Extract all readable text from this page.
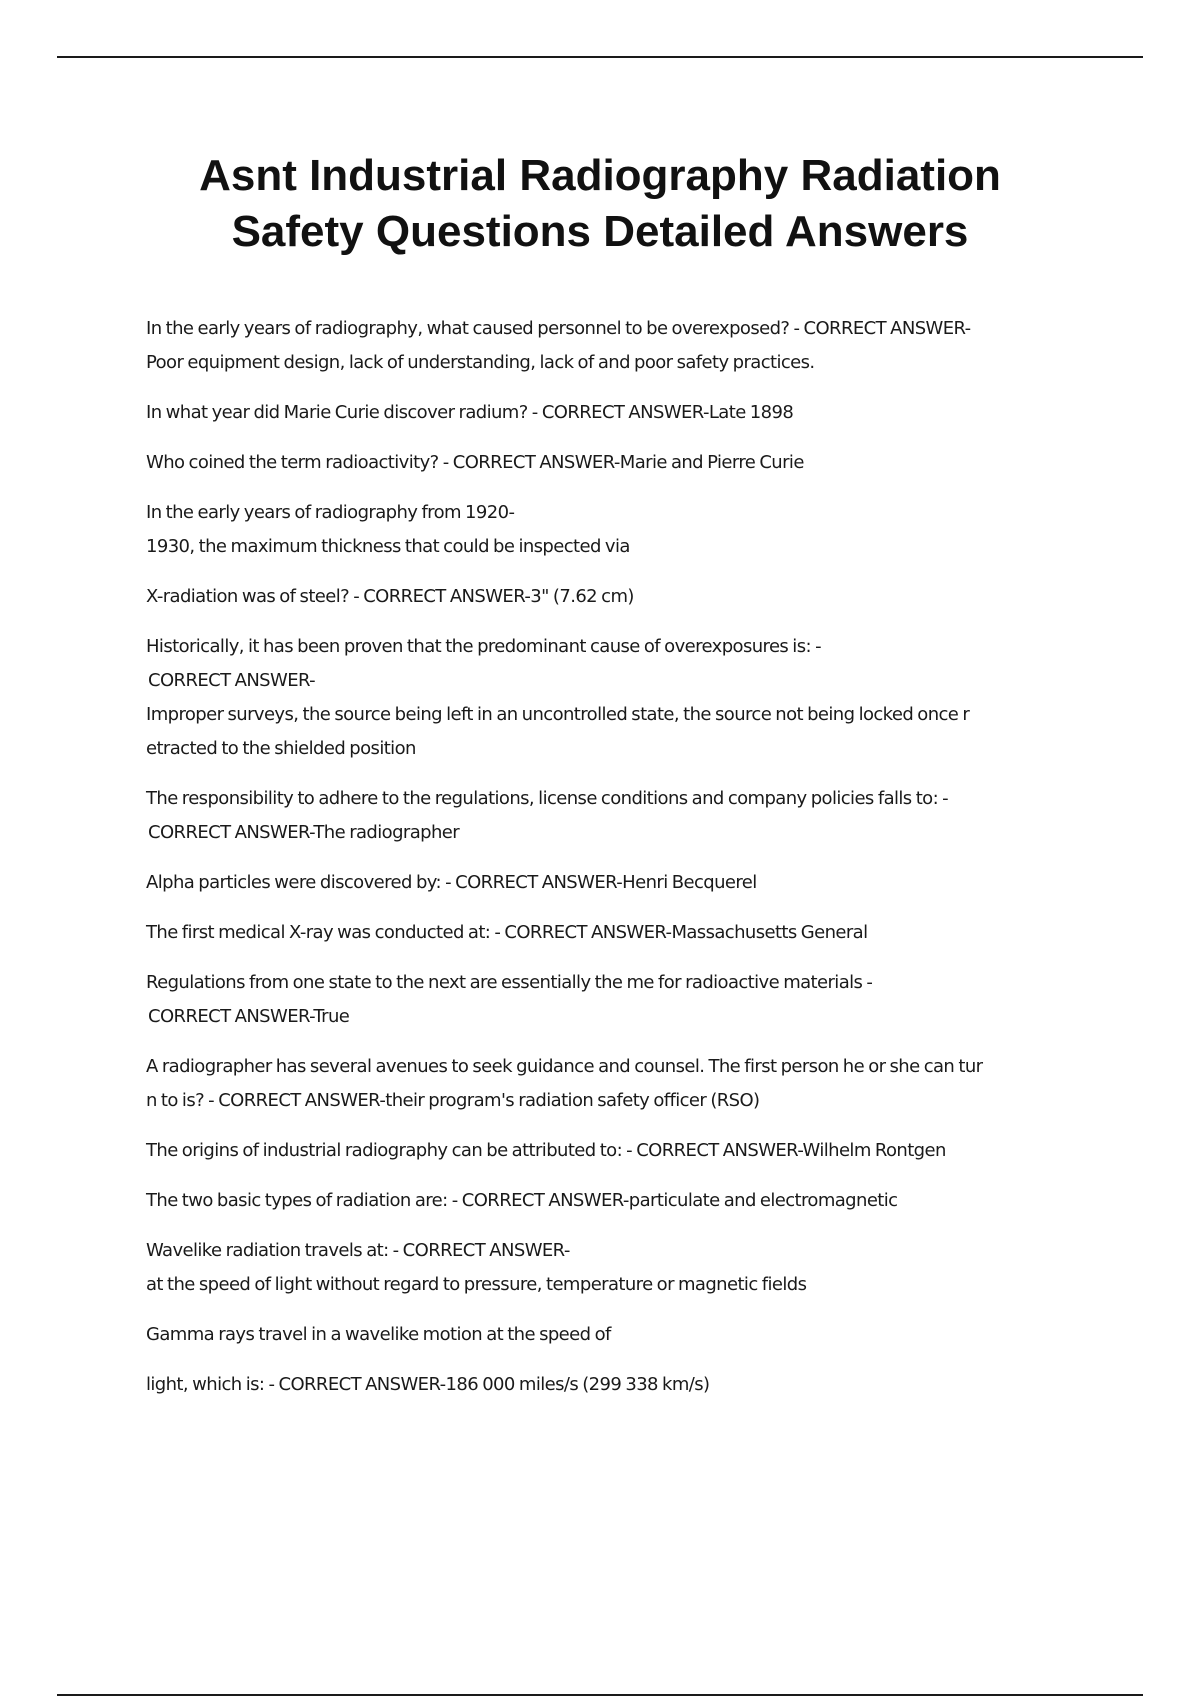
Asnt Industrial Radiography Radiation
Safety Questions Detailed Answers
In the early years of radiography, what caused personnel to be overexposed? - CORRECT ANSWER-
Poor equipment design, lack of understanding, lack of and poor safety practices.
In what year did Marie Curie discover radium? - CORRECT ANSWER-Late 1898
Who coined the term radioactivity? - CORRECT ANSWER-Marie and Pierre Curie
In the early years of radiography from 1920-
1930, the maximum thickness that could be inspected via
X-radiation was of steel? - CORRECT ANSWER-3" (7.62 cm)
Historically, it has been proven that the predominant cause of overexposures is: -
CORRECT ANSWER-
Improper surveys, the source being left in an uncontrolled state, the source not being locked once r
etracted to the shielded position
The responsibility to adhere to the regulations, license conditions and company policies falls to: -
CORRECT ANSWER-The radiographer
Alpha particles were discovered by: - CORRECT ANSWER-Henri Becquerel
The first medical X-ray was conducted at: - CORRECT ANSWER-Massachusetts General
Regulations from one state to the next are essentially the me for radioactive materials -
CORRECT ANSWER-True
A radiographer has several avenues to seek guidance and counsel. The first person he or she can tur
n to is? - CORRECT ANSWER-their program's radiation safety officer (RSO)
The origins of industrial radiography can be attributed to: - CORRECT ANSWER-Wilhelm Rontgen
The two basic types of radiation are: - CORRECT ANSWER-particulate and electromagnetic
Wavelike radiation travels at: - CORRECT ANSWER-
at the speed of light without regard to pressure, temperature or magnetic fields
Gamma rays travel in a wavelike motion at the speed of
light, which is: - CORRECT ANSWER-186 000 miles/s (299 338 km/s)
